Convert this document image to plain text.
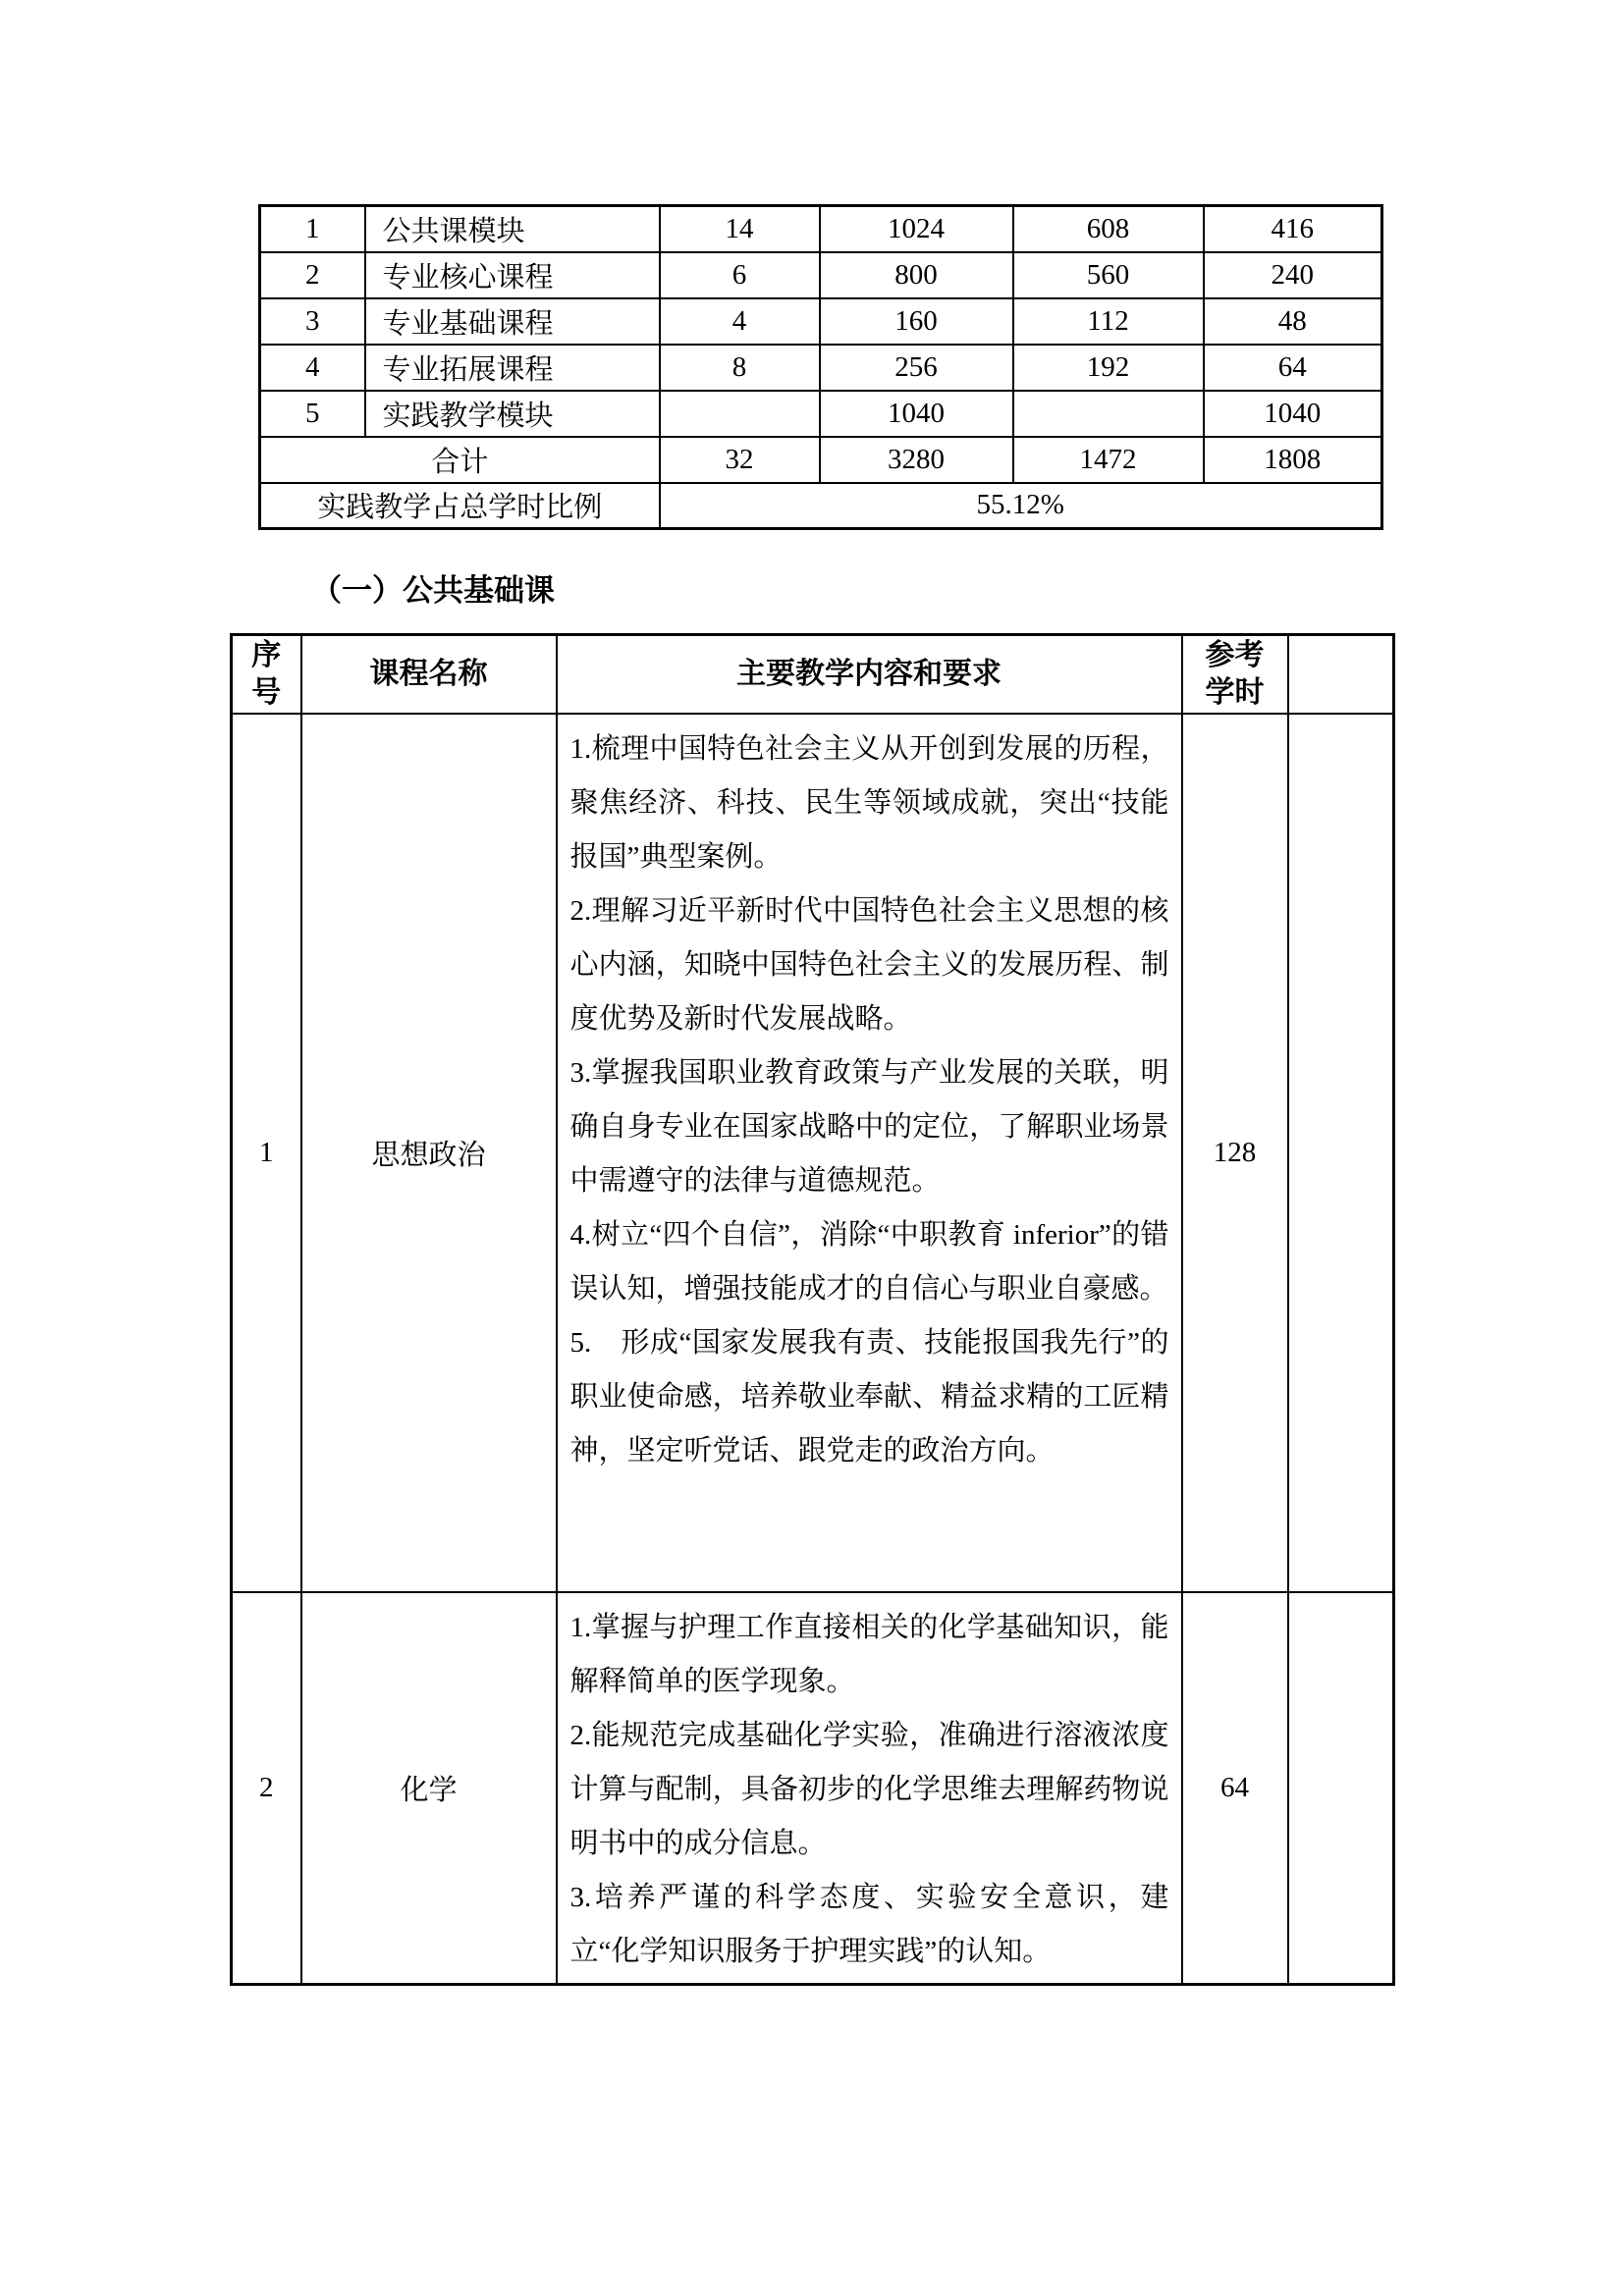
1	公共课模块	14	1024	608	416
2	专业核心课程	6	800	560	240
3	专业基础课程	4	160	112	48
4	专业拓展课程	8	256	192	64
5	实践教学模块		1040		1040
合计		32	3280	1472	1808
实践教学占总学时比例		55.12%			
（一）公共基础课
序号	课程名称	主要教学内容和要求	参考学时	
1	思想政治	1.梳理中国特色社会主义从开创到发展的历程，聚焦经济、科技、民生等领域成就，突出“技能报国”典型案例。
2.理解习近平新时代中国特色社会主义思想的核心内涵，知晓中国特色社会主义的发展历程、制度优势及新时代发展战略。
3.掌握我国职业教育政策与产业发展的关联，明确自身专业在国家战略中的定位，了解职业场景中需遵守的法律与道德规范。
4.树立“四个自信”，消除“中职教育 inferior”的错误认知，增强技能成才的自信心与职业自豪感。
5.　形成“国家发展我有责、技能报国我先行”的职业使命感，培养敬业奉献、精益求精的工匠精神，坚定听党话、跟党走的政治方向。	128	
2	化学	1.掌握与护理工作直接相关的化学基础知识，能解释简单的医学现象。
2.能规范完成基础化学实验，准确进行溶液浓度计算与配制，具备初步的化学思维去理解药物说明书中的成分信息。
3.培养严谨的科学态度、实验安全意识，建立“化学知识服务于护理实践”的认知。	64	
